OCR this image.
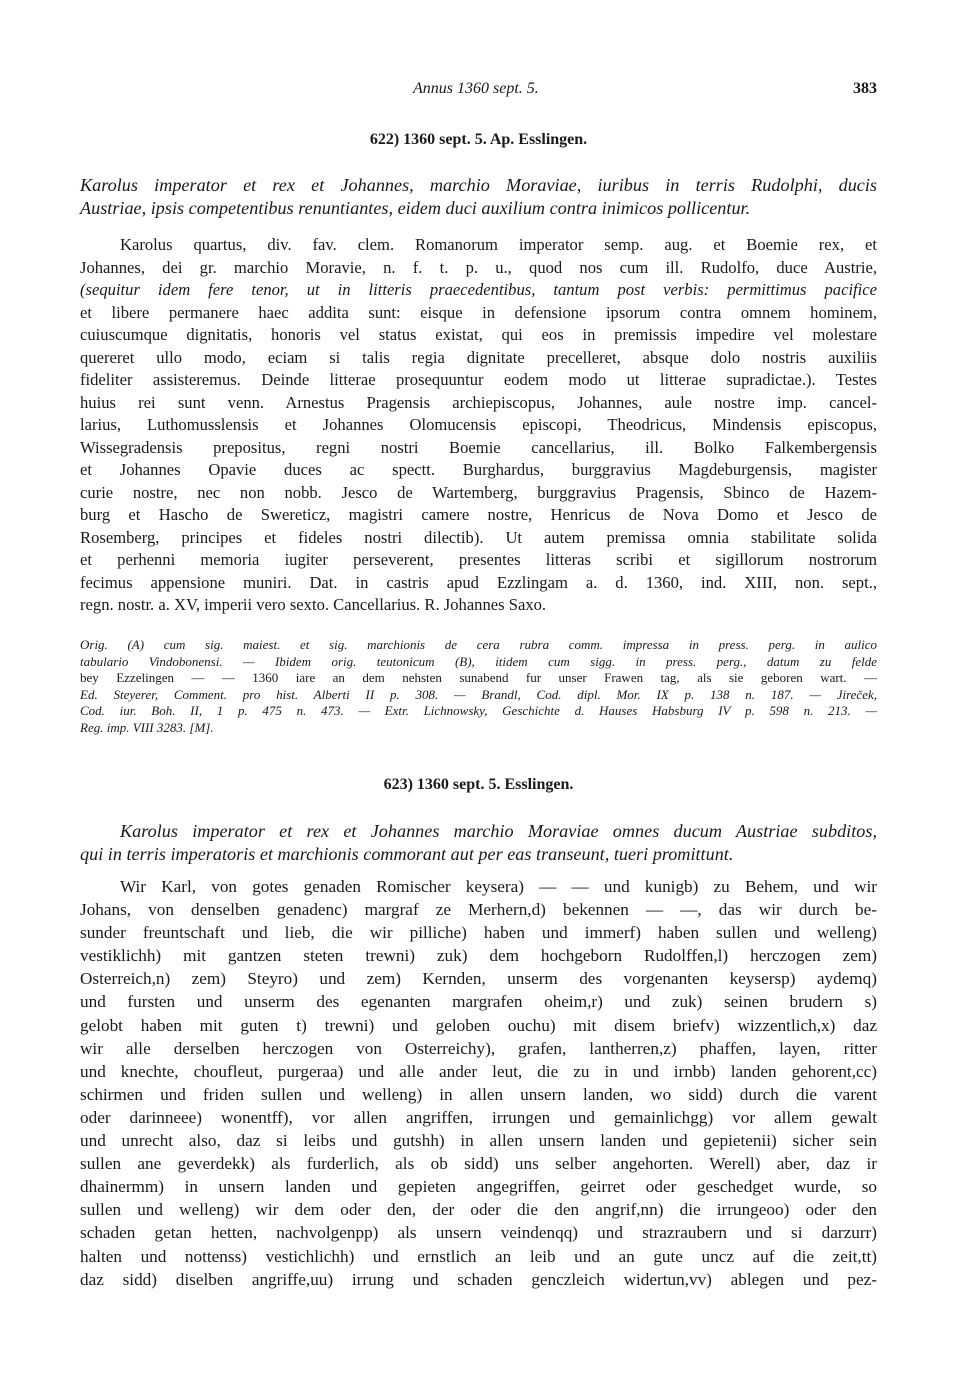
Annus 1360 sept. 5.	383
622) 1360 sept. 5. Ap. Esslingen.
Karolus imperator et rex et Johannes, marchio Moraviae, iuribus in terris Rudolphi, ducis
Austriae, ipsis competentibus renuntiantes, eidem duci auxilium contra inimicos pollicentur.
Karolus quartus, div. fav. clem. Romanorum imperator semp. aug. et Boemie rex, et
Johannes, dei gr. marchio Moravie, n. f. t. p. u., quod nos cum ill. Rudolfo, duce Austrie,
(sequitur idem fere tenor, ut in litteris praecedentibus, tantum post verbis: permittimus pacifice
et libere permanere haec addita sunt: eisque in defensione ipsorum contra omnem hominem,
cuiuscumque dignitatis, honoris vel status existat, qui eos in premissis impedire vel molestare
quereret ullo modo, eciam si talis regia dignitate precelleret, absque dolo nostris auxiliis
fideliter assisteremus. Deinde litterae prosequuntur eodem modo ut litterae supradictae.). Testes
huius rei sunt venn. Arnestus Pragensis archiepiscopus, Johannes, aule nostre imp. cancel-
larius, Luthomusslensis et Johannes Olomucensis episcopi, Theodricus, Mindensis episcopus,
Wissegradensis prepositus, regni nostri Boemie cancellarius, ill. Bolko Falkembergensis
et Johannes Opavie duces ac spectt. Burghardus, burggravius Magdeburgensis, magister
curie nostre, nec non nobb. Jesco de Wartemberg, burggravius Pragensis, Sbinco de Hazem-
burg et Hascho de Swereticz, magistri camere nostre, Henricus de Nova Domo et Jesco de
Rosemberg, principes et fideles nostri dilectib). Ut autem premissa omnia stabilitate solida
et perhenni memoria iugiter perseverent, presentes litteras scribi et sigillorum nostrorum
fecimus appensione muniri. Dat. in castris apud Ezzlingam a. d. 1360, ind. XIII, non. sept.,
regn. nostr. a. XV, imperii vero sexto. Cancellarius. R. Johannes Saxo.
Orig. (A) cum sig. maiest. et sig. marchionis de cera rubra comm. impressa in press. perg. in aulico
tabulario Vindobonensi. — Ibidem orig. teutonicum (B), itidem cum sigg. in press. perg., datum zu felde
bey Ezzelingen — — 1360 iare an dem nehsten sunabend fur unser Frawen tag, als sie geboren wart. —
Ed. Steyerer, Comment. pro hist. Alberti II p. 308. — Brandl, Cod. dipl. Mor. IX p. 138 n. 187. — Jireček,
Cod. iur. Boh. II, 1 p. 475 n. 473. — Extr. Lichnowsky, Geschichte d. Hauses Habsburg IV p. 598 n. 213. —
Reg. imp. VIII 3283. [M].
623) 1360 sept. 5. Esslingen.
Karolus imperator et rex et Johannes marchio Moraviae omnes ducum Austriae subditos,
qui in terris imperatoris et marchionis commorant aut per eas transeunt, tueri promittunt.
Wir Karl, von gotes genaden Romischer keysera) — — und kunigb) zu Behem, und wir
Johans, von denselben genadenc) margraf ze Merhern,d) bekennen — —, das wir durch be-
sunder freuntschaft und lieb, die wir pillichе) haben und immerf) haben sullen und welleng)
vestiklichh) mit gantzen steten trewni) zuk) dem hochgeborn Rudolffen,l) herczogen zem)
Osterreich,n) zem) Steyro) und zem) Kernden, unserm des vorgenanten keysersp) aydemq)
und fursten und unserm des egenanten margrafen oheim,r) und zuk) seinen brudern s)
gelobt haben mit guten t) trewni) und geloben ouchu) mit disem briefv) wizzentlich,x) daz
wir alle derselben herczogen von Osterreichy), grafen, lantherren,z) phaffen, layen, ritter
und knechte, choufleut, purgeraa) und alle ander leut, die zu in und irnbb) landen gehorent,cc)
schirmen und friden sullen und welleng) in allen unsern landen, wo sidd) durch die varent
oder darinneee) wonentff), vor allen angriffen, irrungen und gemainlichgg) vor allem gewalt
und unrecht also, daz si leibs und gutshh) in allen unsern landen und gepietenii) sicher sein
sullen ane geverdekk) als furderlich, als ob sidd) uns selber angehorten. Werell) aber, daz ir
dhainermm) in unsern landen und gepieten angegriffen, geirret oder geschedget wurde, so
sullen und welleng) wir dem oder den, der oder die den angrif,nn) die irrungeoo) oder den
schaden getan hetten, nachvolgenpp) als unsern veindenqq) und strazraubern und si darzurr)
halten und nottenss) vestichlichh) und ernstlich an leib und an gute uncz auf die zeit,tt)
daz sidd) diselben angriffe,uu) irrung und schaden genczleich widertun,vv) ablegen und pez-
